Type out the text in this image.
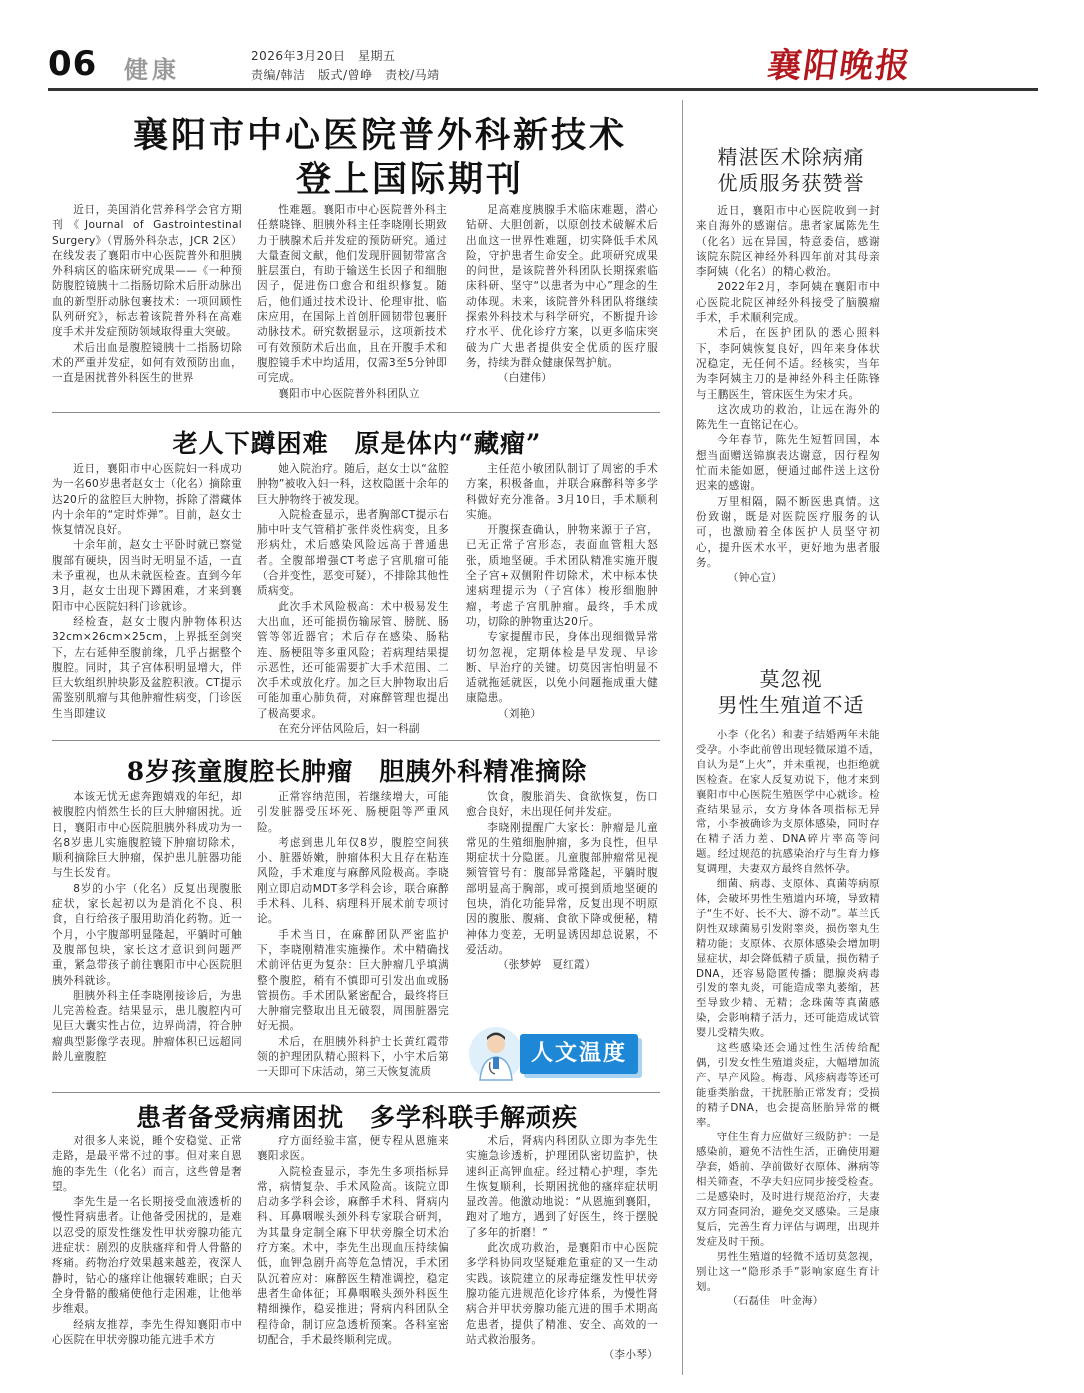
06 健康	2026年3月20日　星期五
责编/韩洁　版式/曾峥　责校/马靖	襄阳晚报
襄阳市中心医院普外科新技术
登上国际期刊

近日，美国消化营养科学会官方期刊《Journal of Gastrointestinal Surgery》（胃肠外科杂志，JCR 2区）在线发表了襄阳市中心医院普外和胆胰外科病区的临床研究成果——《一种预防腹腔镜胰十二指肠切除术后肝动脉出血的新型肝动脉包裹技术：一项回顾性队列研究》，标志着该院普外科在高难度手术并发症预防领域取得重大突破。

术后出血是腹腔镜胰十二指肠切除术的严重并发症，如何有效预防出血，一直是困扰普外科医生的世界

性难题。襄阳市中心医院普外科主任蔡晓锋、胆胰外科主任李晓刚长期致力于胰腺术后并发症的预防研究。通过大量查阅文献，他们发现肝圆韧带富含脏层蛋白，有助于输送生长因子和细胞因子，促进伤口愈合和组织修复。随后，他们通过技术设计、伦理审批、临床应用，在国际上首创肝圆韧带包裹肝动脉技术。研究数据显示，这项新技术可有效预防术后出血，且在开腹手术和腹腔镜手术中均适用，仅需3至5分钟即可完成。

襄阳市中心医院普外科团队立

足高难度胰腺手术临床难题，潜心钻研、大胆创新，以原创技术破解术后出血这一世界性难题，切实降低手术风险，守护患者生命安全。此项研究成果的问世，是该院普外科团队长期探索临床科研、坚守“以患者为中心”理念的生动体现。未来，该院普外科团队将继续探索外科技术与科学研究，不断提升诊疗水平、优化诊疗方案，以更多临床突破为广大患者提供安全优质的医疗服务，持续为群众健康保驾护航。

（白建伟）

老人下蹲困难　原是体内“藏瘤”

近日，襄阳市中心医院妇一科成功为一名60岁患者赵女士（化名）摘除重达20斤的盆腔巨大肿物，拆除了潜藏体内十余年的“定时炸弹”。目前，赵女士恢复情况良好。

十余年前，赵女士平卧时就已察觉腹部有硬块，因当时无明显不适，一直未予重视，也从未就医检查。直到今年3月，赵女士出现下蹲困难，才来到襄阳市中心医院妇科门诊就诊。

经检查，赵女士腹内肿物体积达32cm×26cm×25cm，上界抵至剑突下，左右延伸至腹前缘，几乎占据整个腹腔。同时，其子宫体积明显增大，伴巨大软组织肿块影及盆腔积液。CT提示需鉴别肌瘤与其他肿瘤性病变，门诊医生当即建议

她入院治疗。随后，赵女士以“盆腔肿物”被收入妇一科，这枚隐匿十余年的巨大肿物终于被发现。

入院检查显示，患者胸部CT提示右肺中叶支气管稍扩张伴炎性病变，且多形病灶，术后感染风险远高于普通患者。全腹部增强CT考虑子宫肌瘤可能（合并变性，恶变可疑），不排除其他性质病变。

此次手术风险极高：术中极易发生大出血，还可能损伤输尿管、膀胱、肠管等邻近器官；术后存在感染、肠粘连、肠梗阻等多重风险；若病理结果提示恶性，还可能需要扩大手术范围、二次手术或放化疗。加之巨大肿物取出后可能加重心肺负荷，对麻醉管理也提出了极高要求。

在充分评估风险后，妇一科副

主任范小敏团队制订了周密的手术方案，积极备血，并联合麻醉科等多学科做好充分准备。3月10日，手术顺利实施。

开腹探查确认，肿物来源于子宫，已无正常子宫形态，表面血管粗大怒张，质地坚硬。手术团队精准实施开腹全子宫+双侧附件切除术，术中标本快速病理提示为（子宫体）梭形细胞肿瘤，考虑子宫肌肿瘤。最终，手术成功，切除的肿物重达20斤。

专家提醒市民，身体出现细微异常切勿忽视，定期体检是早发现、早诊断、早治疗的关键。切莫因害怕明显不适就拖延就医，以免小问题拖成重大健康隐患。

（刘艳）

8岁孩童腹腔长肿瘤　胆胰外科精准摘除

本该无忧无虑奔跑嬉戏的年纪，却被腹腔内悄然生长的巨大肿瘤困扰。近日，襄阳市中心医院胆胰外科成功为一名8岁患儿实施腹腔镜下肿瘤切除术，顺利摘除巨大肿瘤，保护患儿脏器功能与生长发育。

8岁的小宇（化名）反复出现腹胀症状，家长起初以为是消化不良、积食，自行给孩子服用助消化药物。近一个月，小宇腹部明显隆起，平躺时可触及腹部包块，家长这才意识到问题严重，紧急带孩子前往襄阳市中心医院胆胰外科就诊。

胆胰外科主任李晓刚接诊后，为患儿完善检查。结果显示，患儿腹腔内可见巨大囊实性占位，边界尚清，符合肿瘤典型影像学表现。肿瘤体积已远超同龄儿童腹腔

正常容纳范围，若继续增大，可能引发脏器受压坏死、肠梗阻等严重风险。

考虑到患儿年仅8岁，腹腔空间狭小、脏器娇嫩，肿瘤体积大且存在粘连风险，手术难度与麻醉风险极高。李晓刚立即启动MDT多学科会诊，联合麻醉手术科、儿科、病理科开展术前专项讨论。

手术当日，在麻醉团队严密监护下，李晓刚精准实施操作。术中精确找术前评估更为复杂：巨大肿瘤几乎填满整个腹腔，稍有不慎即可引发出血或肠管损伤。手术团队紧密配合，最终将巨大肿瘤完整取出且无破裂，周围脏器完好无损。

术后，在胆胰外科护士长黄红霞带领的护理团队精心照料下，小宇术后第一天即可下床活动，第三天恢复流质

饮食，腹胀消失、食欲恢复，伤口愈合良好，未出现任何并发症。

李晓刚提醒广大家长：肿瘤是儿童常见的生殖细胞肿瘤，多为良性，但早期症状十分隐匿。儿童腹部肿瘤常见视频管管号有：腹部异常隆起，平躺时腹部明显高于胸部，或可摸到质地坚硬的包块，消化功能异常，反复出现不明原因的腹胀、腹痛、食欲下降或便秘，精神体力变差，无明显诱因却总说累，不爱活动。

（张梦婷　夏红霞）

人文温度
患者备受病痛困扰　多学科联手解顽疾

对很多人来说，睡个安稳觉、正常走路，是最平常不过的事。但对来自恩施的李先生（化名）而言，这些曾是奢望。

李先生是一名长期接受血液透析的慢性肾病患者。让他备受困扰的，是难以忍受的原发性继发性甲状旁腺功能亢进症状：剧烈的皮肤瘙痒和骨人骨骼的疼痛。药物治疗效果越来越差，夜深人静时，钻心的瘙痒让他辗转难眠；白天全身骨骼的酸痛使他行走困难，让他举步维艰。

经病友推荐，李先生得知襄阳市中心医院在甲状旁腺功能亢进手术方

疗方面经验丰富，便专程从恩施来襄阳求医。

入院检查显示，李先生多项指标异常，病情复杂、手术风险高。该院立即启动多学科会诊，麻醉手术科、肾病内科、耳鼻咽喉头颈外科专家联合研判，为其量身定制全麻下甲状旁腺全切术治疗方案。术中，李先生出现血压持续偏低，血钾急剧升高等危急情况，手术团队沉着应对：麻醉医生精准调控，稳定患者生命体征；耳鼻咽喉头颈外科医生精细操作，稳妥推进；肾病内科团队全程待命，制订应急透析预案。各科室密切配合，手术最终顺利完成。

术后，肾病内科团队立即为李先生实施急诊透析，护理团队密切监护，快速纠正高钾血症。经过精心护理，李先生恢复顺利，长期困扰他的瘙痒症状明显改善。他激动地说：“从恩施到襄阳，跑对了地方，遇到了好医生，终于摆脱了多年的折磨！”

此次成功救治，是襄阳市中心医院多学科协同攻坚疑难危重症的又一生动实践。该院建立的尿毒症继发性甲状旁腺功能亢进规范化诊疗体系，为慢性肾病合并甲状旁腺功能亢进的围手术期高危患者，提供了精准、安全、高效的一站式救治服务。

（李小琴）

精湛医术除病痛
优质服务获赞誉

近日，襄阳市中心医院收到一封来自海外的感谢信。患者家属陈先生（化名）远在异国，特意委信，感谢该院东院区神经外科四年前对其母亲李阿姨（化名）的精心救治。

2022年2月，李阿姨在襄阳市中心医院北院区神经外科接受了脑膜瘤手术，手术顺利完成。

术后，在医护团队的悉心照料下，李阿姨恢复良好，四年来身体状况稳定，无任何不适。经核实，当年为李阿姨主刀的是神经外科主任陈锋与王鹏医生，管床医生为宋才兵。

这次成功的救治，让远在海外的陈先生一直铭记在心。

今年春节，陈先生短暂回国，本想当面赠送锦旗表达谢意，因行程匆忙而未能如愿，便通过邮件送上这份迟来的感谢。

万里相隔，隔不断医患真情。这份致谢，既是对医院医疗服务的认可，也激励着全体医护人员坚守初心，提升医术水平，更好地为患者服务。

（钟心宣）

莫忽视
男性生殖道不适

小李（化名）和妻子结婚两年未能受孕。小李此前曾出现轻微尿道不适，自认为是“上火”，并未重视，也拒绝就医检查。在家人反复劝说下，他才来到襄阳市中心医院生殖医学中心就诊。检查结果显示，女方身体各项指标无异常，小李被确诊为支原体感染，同时存在精子活力差、DNA碎片率高等问题。经过规范的抗感染治疗与生育力修复调理，夫妻双方最终自然怀孕。

细菌、病毒、支原体、真菌等病原体，会破坏男性生殖道内环境，导致精子“生不好、长不大、游不动”。革兰氏阴性双球菌易引发附睾炎，损伤睾丸生精功能；支原体、衣原体感染会增加明显症状，却会降低精子质量，损伤精子DNA，还容易隐匿传播；腮腺炎病毒引发的睾丸炎，可能造成睾丸萎缩，甚至导致少精、无精；念珠菌等真菌感染，会影响精子活力，还可能造成试管婴儿受精失败。

这些感染还会通过性生活传给配偶，引发女性生殖道炎症，大幅增加流产、早产风险。梅毒、风疹病毒等还可能垂类胎盘，干扰胚胎正常发育；受损的精子DNA，也会提高胚胎异常的概率。

守住生育力应做好三级防护：一是感染前，避免不洁性生活，正确使用避孕套，婚前、孕前做好衣原体、淋病等相关筛查，不孕夫妇应同步接受检查。二是感染时，及时进行规范治疗，夫妻双方同查同治，避免交叉感染。三是康复后，完善生育力评估与调理，出现并发症及时干预。

男性生殖道的轻微不适切莫忽视，别让这一“隐形杀手”影响家庭生育计划。

（石磊佳　叶金海）
